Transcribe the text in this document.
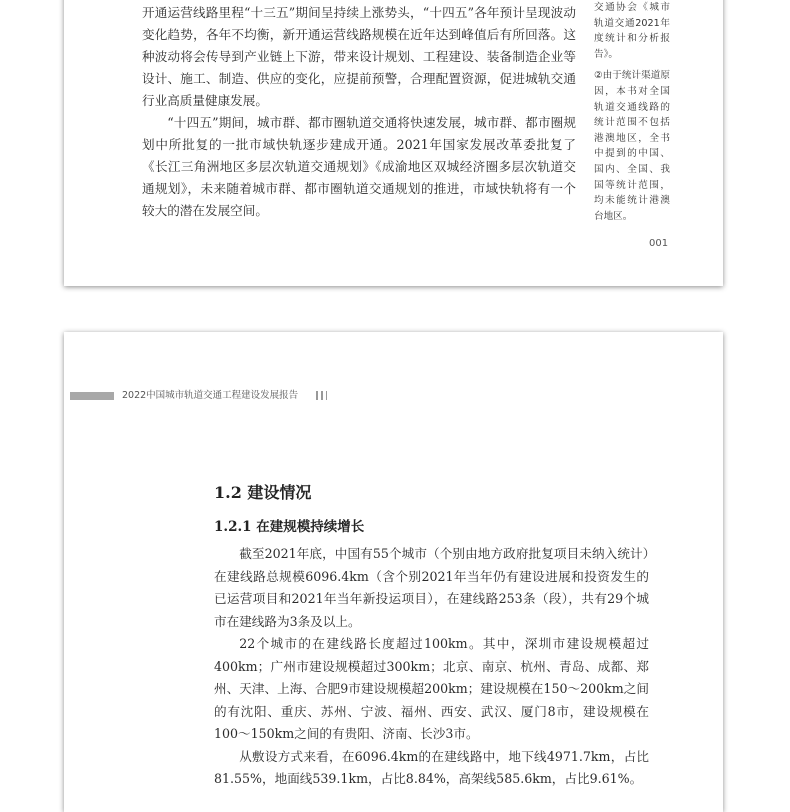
开通运营线路里程“十三五”期间呈持续上涨势头，“十四五”各年预计呈现波动变化趋势，各年不均衡，新开通运营线路规模在近年达到峰值后有所回落。这种波动将会传导到产业链上下游，带来设计规划、工程建设、装备制造企业等设计、施工、制造、供应的变化，应提前预警，合理配置资源，促进城轨交通行业高质量健康发展。

“十四五”期间，城市群、都市圈轨道交通将快速发展，城市群、都市圈规划中所批复的一批市域快轨逐步建成开通。2021年国家发展改革委批复了《长江三角洲地区多层次轨道交通规划》《成渝地区双城经济圈多层次轨道交通规划》，未来随着城市群、都市圈轨道交通规划的推进，市域快轨将有一个较大的潜在发展空间。

交通协会《城市轨道交通2021年度统计和分析报告》。

②由于统计渠道原因，本书对全国轨道交通线路的统计范围不包括港澳地区，全书中提到的中国、国内、全国、我国等统计范围，均未能统计港澳台地区。

001
2022中国城市轨道交通工程建设发展报告
1.2 建设情况
1.2.1 在建规模持续增长

截至2021年底，中国有55个城市（个别由地方政府批复项目未纳入统计）在建线路总规模6096.4km（含个别2021年当年仍有建设进展和投资发生的已运营项目和2021年当年新投运项目），在建线路253条（段），共有29个城市在建线路为3条及以上。

22个城市的在建线路长度超过100km。其中，深圳市建设规模超过400km；广州市建设规模超过300km；北京、南京、杭州、青岛、成都、郑州、天津、上海、合肥9市建设规模超200km；建设规模在150～200km之间的有沈阳、重庆、苏州、宁波、福州、西安、武汉、厦门8市，建设规模在100～150km之间的有贵阳、济南、长沙3市。

从敷设方式来看，在6096.4km的在建线路中，地下线4971.7km，占比81.55%，地面线539.1km，占比8.84%，高架线585.6km，占比9.61%。
